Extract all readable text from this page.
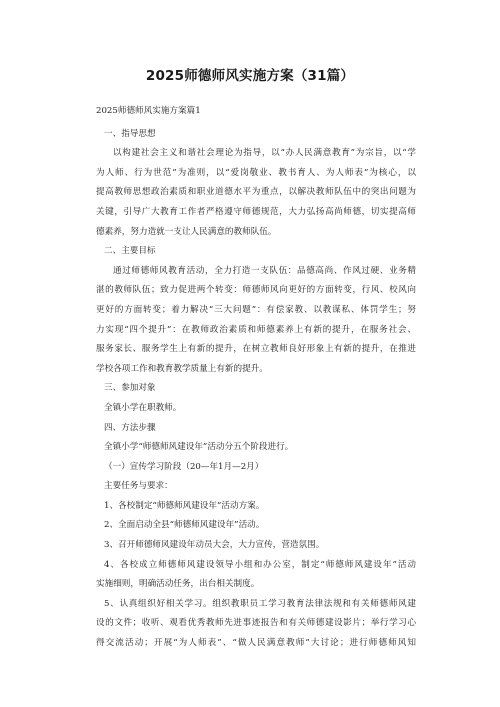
2025师德师风实施方案（31篇）
2025师德师风实施方案篇1
一、指导思想
以构建社会主义和谐社会理论为指导，以“办人民满意教育”为宗旨，以“学
为人师、行为世范”为准则，以“爱岗敬业、教书育人、为人师表”为核心，以
提高教师思想政治素质和职业道德水平为重点，以解决教师队伍中的突出问题为
关键，引导广大教育工作者严格遵守师德规范，大力弘扬高尚师德，切实提高师
德素养，努力造就一支让人民满意的教师队伍。
二、主要目标
通过师德师风教育活动，全力打造一支队伍：品德高尚、作风过硬、业务精
湛的教师队伍；致力促进两个转变：师德师风向更好的方面转变，行风、校风向
更好的方面转变；着力解决“三大问题”：有偿家教、以教谋私、体罚学生；努
力实现“四个提升”：在教师政治素质和师德素养上有新的提升，在服务社会、
服务家长、服务学生上有新的提升，在树立教师良好形象上有新的提升，在推进
学校各项工作和教育教学质量上有新的提升。
三、参加对象
全镇小学在职教师。
四、方法步骤
全镇小学“师德师风建设年”活动分五个阶段进行。
（一）宣传学习阶段（20—年1月—2月）
主要任务与要求：
1、各校制定“师德师风建设年”活动方案。
2、全面启动全县“师德师风建设年”活动。
3、召开师德师风建设年动员大会，大力宣传，营造氛围。
4、各校成立师德师风建设领导小组和办公室，制定“师德师风建设年”活动
实施细则，明确活动任务，出台相关制度。
5、认真组织好相关学习。组织教职员工学习教育法律法规和有关师德师风建
设的文件；收听、观看优秀教师先进事迹报告和有关师德建设影片；举行学习心
得交流活动；开展“为人师表”、“做人民满意教师”大讨论；进行师德师风知
